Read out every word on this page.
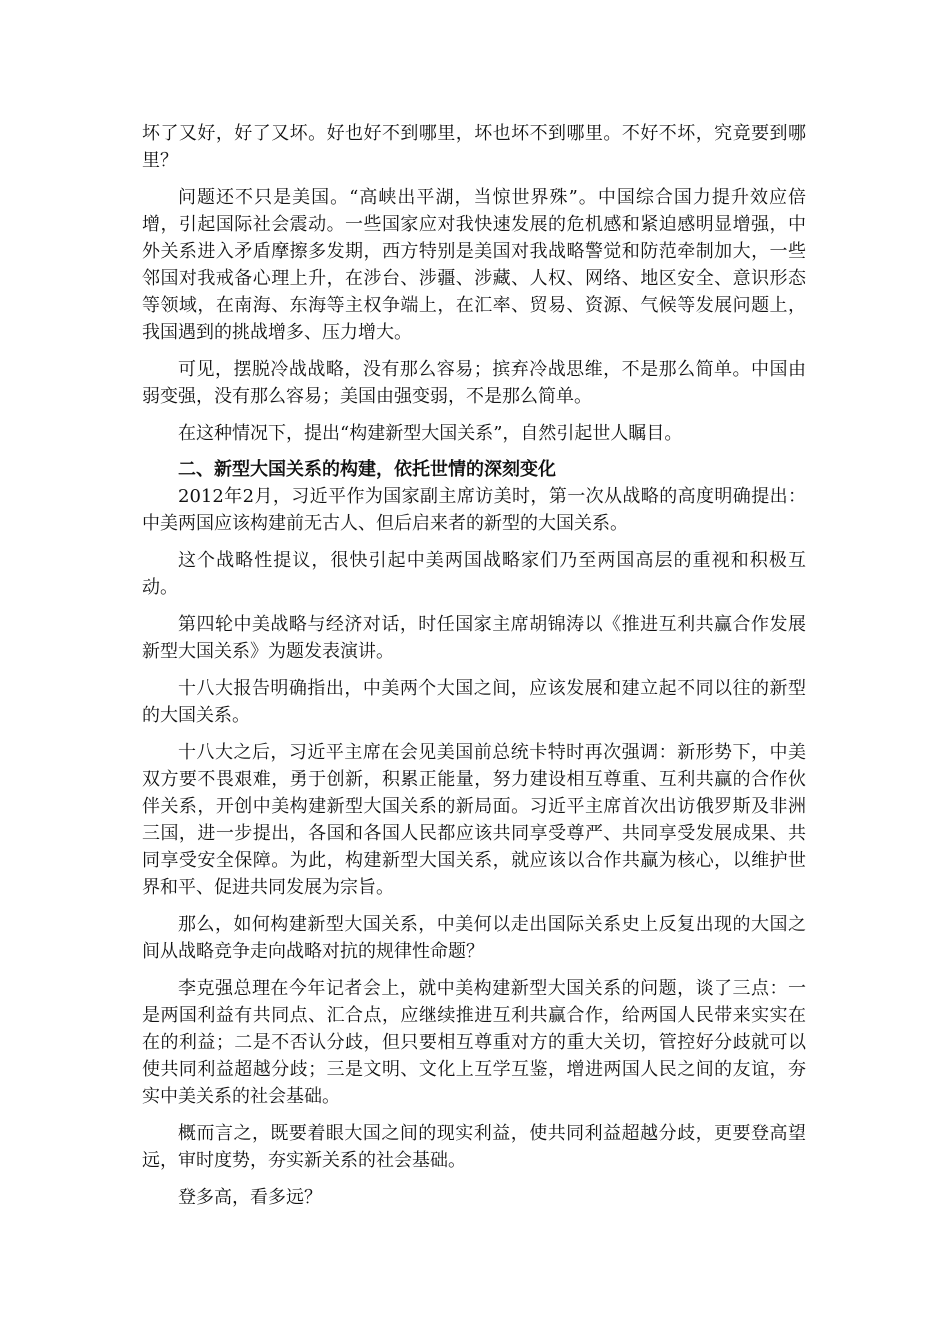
坏了又好，好了又坏。好也好不到哪里，坏也坏不到哪里。不好不坏，究竟要到哪里？

问题还不只是美国。“高峡出平湖，当惊世界殊”。中国综合国力提升效应倍增，引起国际社会震动。一些国家应对我快速发展的危机感和紧迫感明显增强，中外关系进入矛盾摩擦多发期，西方特别是美国对我战略警觉和防范牵制加大，一些邻国对我戒备心理上升，在涉台、涉疆、涉藏、人权、网络、地区安全、意识形态等领域，在南海、东海等主权争端上，在汇率、贸易、资源、气候等发展问题上，我国遇到的挑战增多、压力增大。

可见，摆脱冷战战略，没有那么容易；摈弃冷战思维，不是那么简单。中国由弱变强，没有那么容易；美国由强变弱，不是那么简单。

在这种情况下，提出“构建新型大国关系”，自然引起世人瞩目。

二、新型大国关系的构建，依托世情的深刻变化

2012年2月，习近平作为国家副主席访美时，第一次从战略的高度明确提出：中美两国应该构建前无古人、但后启来者的新型的大国关系。

这个战略性提议，很快引起中美两国战略家们乃至两国高层的重视和积极互动。

第四轮中美战略与经济对话，时任国家主席胡锦涛以《推进互利共赢合作发展新型大国关系》为题发表演讲。

十八大报告明确指出，中美两个大国之间，应该发展和建立起不同以往的新型的大国关系。

十八大之后，习近平主席在会见美国前总统卡特时再次强调：新形势下，中美双方要不畏艰难，勇于创新，积累正能量，努力建设相互尊重、互利共赢的合作伙伴关系，开创中美构建新型大国关系的新局面。习近平主席首次出访俄罗斯及非洲三国，进一步提出，各国和各国人民都应该共同享受尊严、共同享受发展成果、共同享受安全保障。为此，构建新型大国关系，就应该以合作共赢为核心，以维护世界和平、促进共同发展为宗旨。

那么，如何构建新型大国关系，中美何以走出国际关系史上反复出现的大国之间从战略竞争走向战略对抗的规律性命题？

李克强总理在今年记者会上，就中美构建新型大国关系的问题，谈了三点：一是两国利益有共同点、汇合点，应继续推进互利共赢合作，给两国人民带来实实在在的利益；二是不否认分歧，但只要相互尊重对方的重大关切，管控好分歧就可以使共同利益超越分歧；三是文明、文化上互学互鉴，增进两国人民之间的友谊，夯实中美关系的社会基础。

概而言之，既要着眼大国之间的现实利益，使共同利益超越分歧，更要登高望远，审时度势，夯实新关系的社会基础。

登多高，看多远？
